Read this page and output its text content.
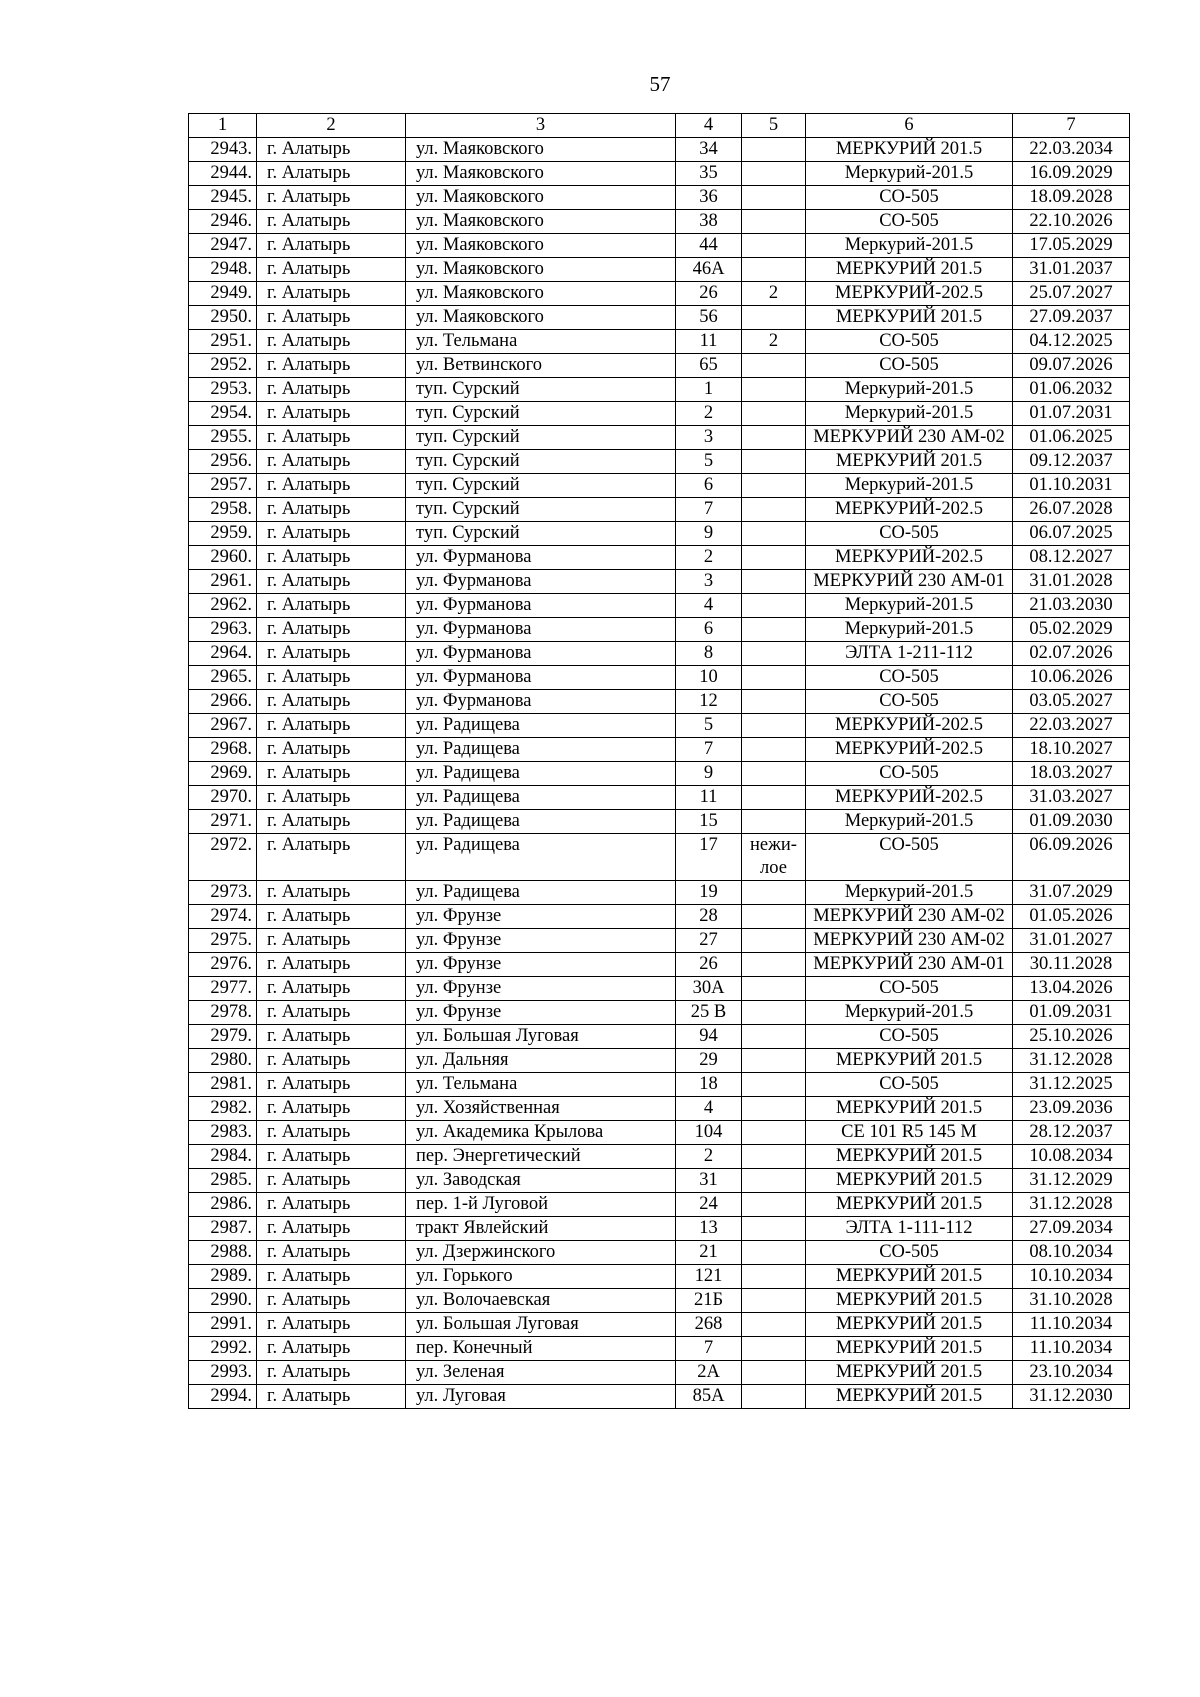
57
1	2	3	4	5	6	7
2943.	г. Алатырь	ул. Маяковского	34		МЕРКУРИЙ 201.5	22.03.2034
2944.	г. Алатырь	ул. Маяковского	35		Меркурий-201.5	16.09.2029
2945.	г. Алатырь	ул. Маяковского	36		СО-505	18.09.2028
2946.	г. Алатырь	ул. Маяковского	38		СО-505	22.10.2026
2947.	г. Алатырь	ул. Маяковского	44		Меркурий-201.5	17.05.2029
2948.	г. Алатырь	ул. Маяковского	46А		МЕРКУРИЙ 201.5	31.01.2037
2949.	г. Алатырь	ул. Маяковского	26	2	МЕРКУРИЙ-202.5	25.07.2027
2950.	г. Алатырь	ул. Маяковского	56		МЕРКУРИЙ 201.5	27.09.2037
2951.	г. Алатырь	ул. Тельмана	11	2	СО-505	04.12.2025
2952.	г. Алатырь	ул. Ветвинского	65		СО-505	09.07.2026
2953.	г. Алатырь	туп. Сурский	1		Меркурий-201.5	01.06.2032
2954.	г. Алатырь	туп. Сурский	2		Меркурий-201.5	01.07.2031
2955.	г. Алатырь	туп. Сурский	3		МЕРКУРИЙ 230 АМ-02	01.06.2025
2956.	г. Алатырь	туп. Сурский	5		МЕРКУРИЙ 201.5	09.12.2037
2957.	г. Алатырь	туп. Сурский	6		Меркурий-201.5	01.10.2031
2958.	г. Алатырь	туп. Сурский	7		МЕРКУРИЙ-202.5	26.07.2028
2959.	г. Алатырь	туп. Сурский	9		СО-505	06.07.2025
2960.	г. Алатырь	ул. Фурманова	2		МЕРКУРИЙ-202.5	08.12.2027
2961.	г. Алатырь	ул. Фурманова	3		МЕРКУРИЙ 230 АМ-01	31.01.2028
2962.	г. Алатырь	ул. Фурманова	4		Меркурий-201.5	21.03.2030
2963.	г. Алатырь	ул. Фурманова	6		Меркурий-201.5	05.02.2029
2964.	г. Алатырь	ул. Фурманова	8		ЭЛТА 1-211-112	02.07.2026
2965.	г. Алатырь	ул. Фурманова	10		СО-505	10.06.2026
2966.	г. Алатырь	ул. Фурманова	12		СО-505	03.05.2027
2967.	г. Алатырь	ул. Радищева	5		МЕРКУРИЙ-202.5	22.03.2027
2968.	г. Алатырь	ул. Радищева	7		МЕРКУРИЙ-202.5	18.10.2027
2969.	г. Алатырь	ул. Радищева	9		СО-505	18.03.2027
2970.	г. Алатырь	ул. Радищева	11		МЕРКУРИЙ-202.5	31.03.2027
2971.	г. Алатырь	ул. Радищева	15		Меркурий-201.5	01.09.2030
2972.	г. Алатырь	ул. Радищева	17	нежи-лое	СО-505	06.09.2026
2973.	г. Алатырь	ул. Радищева	19		Меркурий-201.5	31.07.2029
2974.	г. Алатырь	ул. Фрунзе	28		МЕРКУРИЙ 230 АМ-02	01.05.2026
2975.	г. Алатырь	ул. Фрунзе	27		МЕРКУРИЙ 230 АМ-02	31.01.2027
2976.	г. Алатырь	ул. Фрунзе	26		МЕРКУРИЙ 230 АМ-01	30.11.2028
2977.	г. Алатырь	ул. Фрунзе	30А		СО-505	13.04.2026
2978.	г. Алатырь	ул. Фрунзе	25 В		Меркурий-201.5	01.09.2031
2979.	г. Алатырь	ул. Большая Луговая	94		СО-505	25.10.2026
2980.	г. Алатырь	ул. Дальняя	29		МЕРКУРИЙ 201.5	31.12.2028
2981.	г. Алатырь	ул. Тельмана	18		СО-505	31.12.2025
2982.	г. Алатырь	ул. Хозяйственная	4		МЕРКУРИЙ 201.5	23.09.2036
2983.	г. Алатырь	ул. Академика Крылова	104		СЕ 101 R5 145 M	28.12.2037
2984.	г. Алатырь	пер. Энергетический	2		МЕРКУРИЙ 201.5	10.08.2034
2985.	г. Алатырь	ул. Заводская	31		МЕРКУРИЙ 201.5	31.12.2029
2986.	г. Алатырь	пер. 1-й Луговой	24		МЕРКУРИЙ 201.5	31.12.2028
2987.	г. Алатырь	тракт Явлейский	13		ЭЛТА 1-111-112	27.09.2034
2988.	г. Алатырь	ул. Дзержинского	21		СО-505	08.10.2034
2989.	г. Алатырь	ул. Горького	121		МЕРКУРИЙ 201.5	10.10.2034
2990.	г. Алатырь	ул. Волочаевская	21Б		МЕРКУРИЙ 201.5	31.10.2028
2991.	г. Алатырь	ул. Большая Луговая	268		МЕРКУРИЙ 201.5	11.10.2034
2992.	г. Алатырь	пер. Конечный	7		МЕРКУРИЙ 201.5	11.10.2034
2993.	г. Алатырь	ул. Зеленая	2А		МЕРКУРИЙ 201.5	23.10.2034
2994.	г. Алатырь	ул. Луговая	85А		МЕРКУРИЙ 201.5	31.12.2030
